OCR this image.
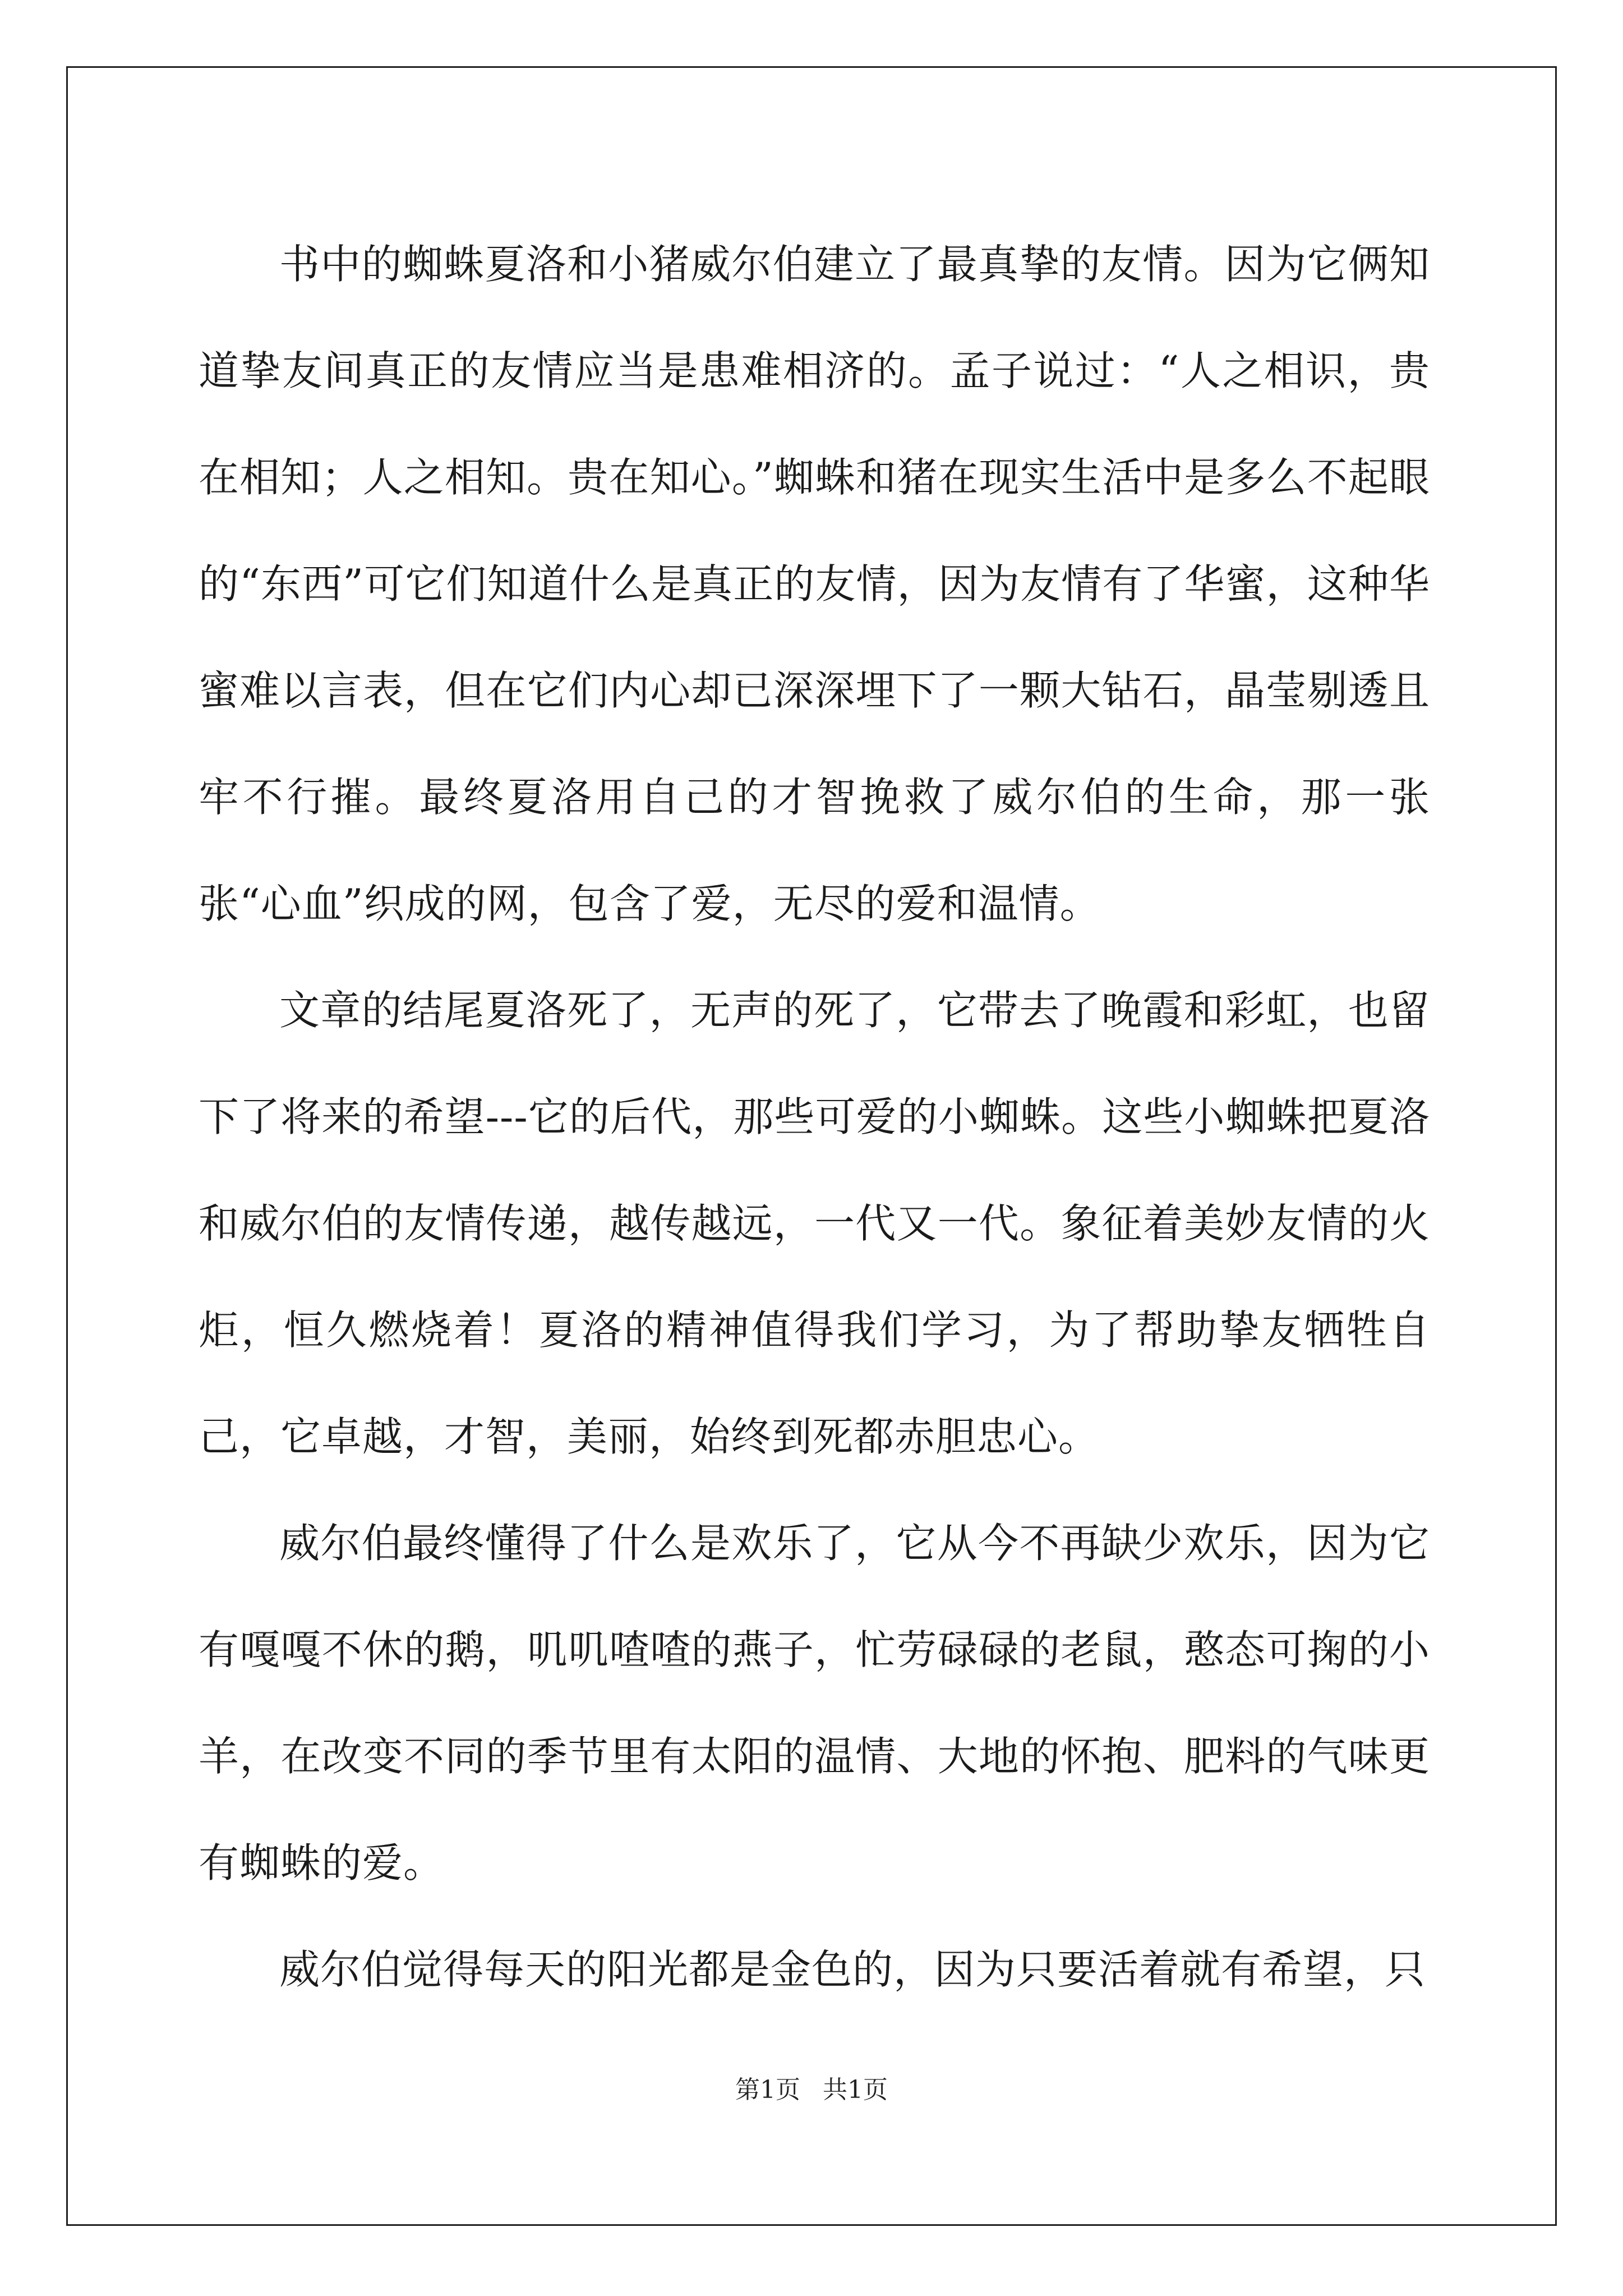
书中的蜘蛛夏洛和小猪威尔伯建立了最真挚的友情。因为它俩知道挚友间真正的友情应当是患难相济的。孟子说过：“人之相识，贵在相知；人之相知。贵在知心。”蜘蛛和猪在现实生活中是多么不起眼的“东西”可它们知道什么是真正的友情，因为友情有了华蜜，这种华蜜难以言表，但在它们内心却已深深埋下了一颗大钻石，晶莹剔透且牢不行摧。最终夏洛用自己的才智挽救了威尔伯的生命，那一张张“心血”织成的网，包含了爱，无尽的爱和温情。

文章的结尾夏洛死了，无声的死了，它带去了晚霞和彩虹，也留下了将来的希望---它的后代，那些可爱的小蜘蛛。这些小蜘蛛把夏洛和威尔伯的友情传递，越传越远，一代又一代。象征着美妙友情的火炬，恒久燃烧着！夏洛的精神值得我们学习，为了帮助挚友牺牲自己，它卓越，才智，美丽，始终到死都赤胆忠心。

威尔伯最终懂得了什么是欢乐了，它从今不再缺少欢乐，因为它有嘎嘎不休的鹅，叽叽喳喳的燕子，忙劳碌碌的老鼠，憨态可掬的小羊，在改变不同的季节里有太阳的温情、大地的怀抱、肥料的气味更有蜘蛛的爱。

威尔伯觉得每天的阳光都是金色的，因为只要活着就有希望，只

第1页 共1页
